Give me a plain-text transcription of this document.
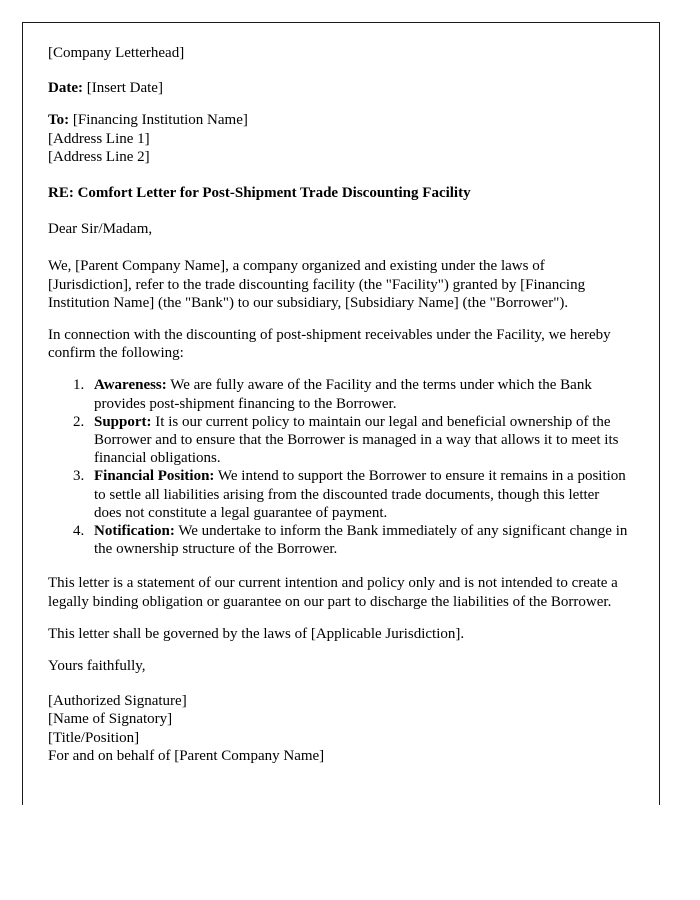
[Company Letterhead]

Date: [Insert Date]

To: [Financing Institution Name]

[Address Line 1]

[Address Line 2]

RE: Comfort Letter for Post-Shipment Trade Discounting Facility

Dear Sir/Madam,

We, [Parent Company Name], a company organized and existing under the laws of [Jurisdiction], refer to the trade discounting facility (the "Facility") granted by [Financing Institution Name] (the "Bank") to our subsidiary, [Subsidiary Name] (the "Borrower").

In connection with the discounting of post-shipment receivables under the Facility, we hereby confirm the following:

1. Awareness: We are fully aware of the Facility and the terms under which the Bank provides post-shipment financing to the Borrower.
2. Support: It is our current policy to maintain our legal and beneficial ownership of the Borrower and to ensure that the Borrower is managed in a way that allows it to meet its financial obligations.
3. Financial Position: We intend to support the Borrower to ensure it remains in a position to settle all liabilities arising from the discounted trade documents, though this letter does not constitute a legal guarantee of payment.
4. Notification: We undertake to inform the Bank immediately of any significant change in the ownership structure of the Borrower.

This letter is a statement of our current intention and policy only and is not intended to create a legally binding obligation or guarantee on our part to discharge the liabilities of the Borrower.

This letter shall be governed by the laws of [Applicable Jurisdiction].

Yours faithfully,

[Authorized Signature]

[Name of Signatory]

[Title/Position]

For and on behalf of [Parent Company Name]
